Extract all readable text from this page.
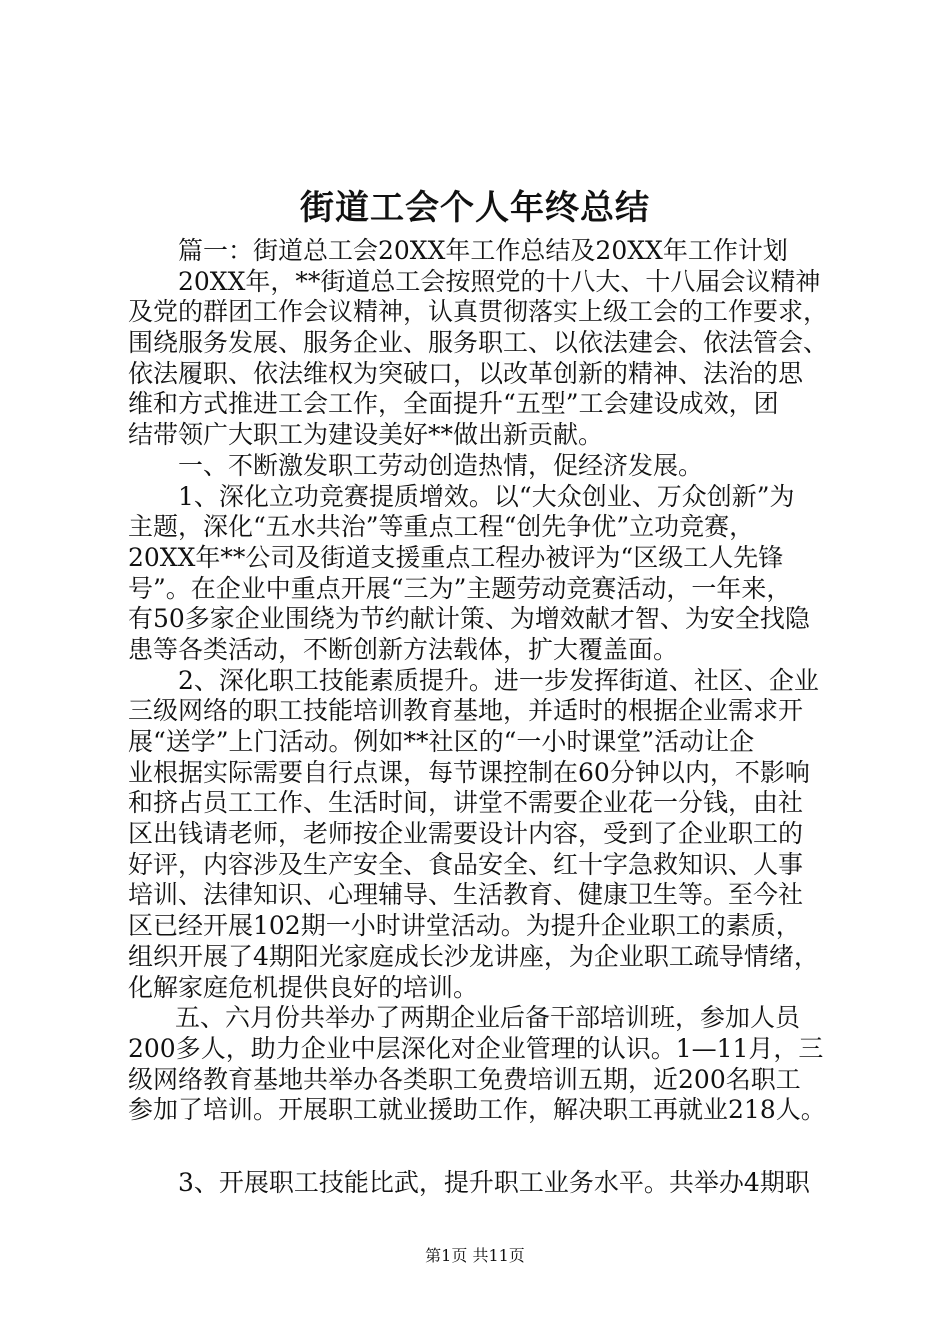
街道工会个人年终总结
篇一：街道总工会20XX年工作总结及20XX年工作计划
20XX年，**街道总工会按照党的十八大、十八届会议精神
及党的群团工作会议精神，认真贯彻落实上级工会的工作要求，
围绕服务发展、服务企业、服务职工、以依法建会、依法管会、
依法履职、依法维权为突破口，以改革创新的精神、法治的思
维和方式推进工会工作，全面提升“五型”工会建设成效，团
结带领广大职工为建设美好**做出新贡献。
一、不断激发职工劳动创造热情，促经济发展。
1、深化立功竞赛提质增效。以“大众创业、万众创新”为
主题，深化“五水共治”等重点工程“创先争优”立功竞赛，
20XX年**公司及街道支援重点工程办被评为“区级工人先锋
号”。在企业中重点开展“三为”主题劳动竞赛活动，一年来，
有50多家企业围绕为节约献计策、为增效献才智、为安全找隐
患等各类活动，不断创新方法载体，扩大覆盖面。
2、深化职工技能素质提升。进一步发挥街道、社区、企业
三级网络的职工技能培训教育基地，并适时的根据企业需求开
展“送学”上门活动。例如**社区的“一小时课堂”活动让企
业根据实际需要自行点课，每节课控制在60分钟以内，不影响
和挤占员工工作、生活时间，讲堂不需要企业花一分钱，由社
区出钱请老师，老师按企业需要设计内容，受到了企业职工的
好评，内容涉及生产安全、食品安全、红十字急救知识、人事
培训、法律知识、心理辅导、生活教育、健康卫生等。至今社
区已经开展102期一小时讲堂活动。为提升企业职工的素质，
组织开展了4期阳光家庭成长沙龙讲座，为企业职工疏导情绪，
化解家庭危机提供良好的培训。
五、六月份共举办了两期企业后备干部培训班，参加人员
200多人，助力企业中层深化对企业管理的认识。1—11月，三
级网络教育基地共举办各类职工免费培训五期，近200名职工
参加了培训。开展职工就业援助工作，解决职工再就业218人。
3、开展职工技能比武，提升职工业务水平。共举办4期职
第1页 共11页
